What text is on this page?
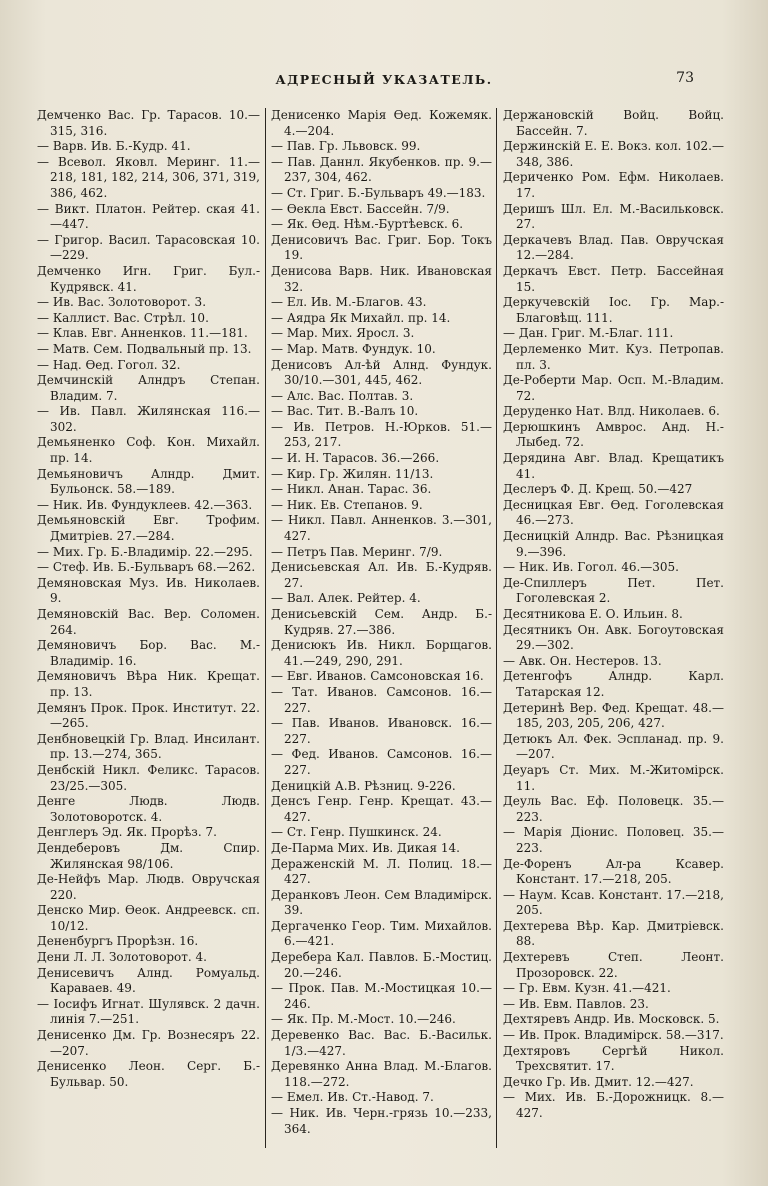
АДРЕСНЫЙ УКАЗАТЕЛЬ.	73
Демченко Вас. Гр. Тарасов. 10.—315, 316.
— Варв. Ив. Б.-Кудр. 41.
— Всевол. Яковл. Меринг. 11.—218, 181, 182, 214, 306, 371, 319, 386, 462.
— Викт. Платон. Рейтер. ская 41.—447.
— Григор. Васил. Тарасовская 10.—229.
Демченко Игн. Григ. Бул.-Кудрявск. 41.
— Ив. Вас. Золотоворот. 3.
— Каллист. Вас. Стрѣл. 10.
— Клав. Евг. Анненков. 11.—181.
— Матв. Сем. Подвальный пр. 13.
— Над. Ѳед. Гогол. 32.
Демчинскій Алндръ Степан. Владим. 7.
— Ив. Павл. Жилянская 116.—302.
Демьяненко Соф. Кон. Михайл. пр. 14.
Демьяновичъ Алндр. Дмит. Бульонск. 58.—189.
— Ник. Ив. Фундуклеев. 42.—363.
Демьяновскій Евг. Трофим. Дмитріев. 27.—284.
— Мих. Гр. Б.-Владимір. 22.—295.
— Стеф. Ив. Б.-Бульваръ 68.—262.
Демяновская Муз. Ив. Николаев. 9.
Демяновскій Вас. Вер. Соломен. 264.
Демяновичъ Бор. Вас. М.-Владимір. 16.
Демяновичъ Вѣра Ник. Крещат. пр. 13.
Демянъ Прок. Прок. Институт. 22.—265.
Денбновецкій Гр. Влад. Инсилант. пр. 13.—274, 365.
Денбскій Никл. Феликс. Тарасов. 23/25.—305.
Денге Людв. Людв. Золотоворотск. 4.
Денглеръ Эд. Як. Прорѣз. 7.
Дендеберовъ Дм. Спир. Жилянская 98/106.
Де-Нейфъ Мар. Людв. Овручская 220.
Денско Мир. Ѳеок. Андреевск. сп. 10/12.
Дененбургъ Прорѣзн. 16.
Дени Л. Л. Золотоворот. 4.
Денисевичъ Алнд. Ромуальд. Караваев. 49.
— Іосифъ Игнат. Шулявск. 2 дачн. линія 7.—251.
Денисенко Дм. Гр. Вознесяръ 22.—207.
Денисенко Леон. Серг. Б.-Бульвар. 50.
Денисенко Марія Ѳед. Кожемяк. 4.—204.
— Пав. Гр. Львовск. 99.
— Пав. Даннл. Якубенков. пр. 9.—237, 304, 462.
— Ст. Григ. Б.-Бульваръ 49.—183.
— Ѳекла Евст. Бассейн. 7/9.
— Як. Ѳед. Нѣм.-Буртѣевск. 6.
Денисовичъ Вас. Григ. Бор. Токъ 19.
Денисова Варв. Ник. Ивановская 32.
— Ел. Ив. М.-Благов. 43.
— Аядра Як Михайл. пр. 14.
— Мар. Мих. Яросл. 3.
— Мар. Матв. Фундук. 10.
Денисовъ Ал-ѣй Алнд. Фундук. 30/10.—301, 445, 462.
— Алс. Вас. Полтав. 3.
— Вас. Тит. В.-Валъ 10.
— Ив. Петров. Н.-Юрков. 51.—253, 217.
— И. Н. Тарасов. 36.—266.
— Кир. Гр. Жилян. 11/13.
— Никл. Анан. Тарас. 36.
— Ник. Ев. Степанов. 9.
— Никл. Павл. Анненков. 3.—301, 427.
— Петръ Пав. Меринг. 7/9.
Денисьевская Ал. Ив. Б.-Кудряв. 27.
— Вал. Алек. Рейтер. 4.
Денисьевскій Сем. Андр. Б.-Кудряв. 27.—386.
Денисюкъ Ив. Никл. Борщагов. 41.—249, 290, 291.
— Евг. Иванов. Самсоновская 16.
— Тат. Иванов. Самсонов. 16.—227.
— Пав. Иванов. Ивановск. 16.—227.
— Фед. Иванов. Самсонов. 16.—227.
Деницкій А.В. Рѣзниц. 9-226.
Денсъ Генр. Генр. Крещат. 43.—427.
— Ст. Генр. Пушкинск. 24.
Де-Парма Мих. Ив. Дикая 14.
Дераженскій М. Л. Полиц. 18.—427.
Деранковъ Леон. Сем Владимірск. 39.
Дергаченко Геор. Тим. Михайлов. 6.—421.
Деребера Кал. Павлов. Б.-Мостиц. 20.—246.
— Прок. Пав. М.-Мостицкая 10.—246.
— Як. Пр. М.-Мост. 10.—246.
Дерeвенко Вас. Вас. Б.-Васильк. 1/3.—427.
Деревянко Анна Влад. М.-Благов. 118.—272.
— Емел. Ив. Ст.-Навод. 7.
— Ник. Ив. Черн.-грязь 10.—233, 364.
Держановскій Войц. Войц. Бассейн. 7.
Держинскій Е. Е. Вокз. кол. 102.—348, 386.
Дериченко Ром. Ефм. Николаев. 17.
Деришъ Шл. Ел. М.-Васильковск. 27.
Деркачевъ Влад. Пав. Овручская 12.—284.
Деркачъ Евст. Петр. Бассейная 15.
Деркучевскій Іос. Гр. Мар.-Благовѣщ. 111.
— Дан. Григ. М.-Благ. 111.
Дерлеменко Мит. Куз. Петропав. пл. 3.
Де-Роберти Мар. Осп. М.-Владим. 72.
Деруденко Нат. Влд. Николаев. 6.
Дерюшкинъ Амврос. Анд. Н.-Лыбед. 72.
Дерядина Авг. Влад. Крещатикъ 41.
Деслеръ Ф. Д. Крещ. 50.—427
Десницкая Евг. Ѳед. Гоголевская 46.—273.
Десницкій Алндр. Вас. Рѣзницкая 9.—396.
— Ник. Ив. Гогол. 46.—305.
Де-Спиллеръ Пет. Пет. Гоголевская 2.
Десятникова Е. О. Ильин. 8.
Десятникъ Он. Авк. Богоутовская 29.—302.
— Авк. Он. Нестеров. 13.
Детенгофъ Алндр. Карл. Татарская 12.
Детеринѣ Вер. Фед. Крещат. 48.—185, 203, 205, 206, 427.
Детюкъ Ал. Фек. Эспланад. пр. 9.—207.
Деуаръ Ст. Мих. М.-Житомірск. 11.
Деуль Вас. Еф. Половецк. 35.—223.
— Марія Діонис. Половец. 35.—223.
Де-Форенъ Ал-ра Ксавер. Констант. 17.—218, 205.
— Наум. Ксав. Констант. 17.—218, 205.
Дехтерева Вѣр. Кар. Дмитріевск. 88.
Дехтеревъ Степ. Леонт. Прозоровск. 22.
— Гр. Евм. Кузн. 41.—421.
— Ив. Евм. Павлов. 23.
Дехтяревъ Андр. Ив. Московск. 5.
— Ив. Прок. Владимірск. 58.—317.
Дехтяровъ Сергѣй Никол. Трехсвятит. 17.
Дечко Гр. Ив. Дмит. 12.—427.
— Мих. Ив. Б.-Дорожницк. 8.—427.
